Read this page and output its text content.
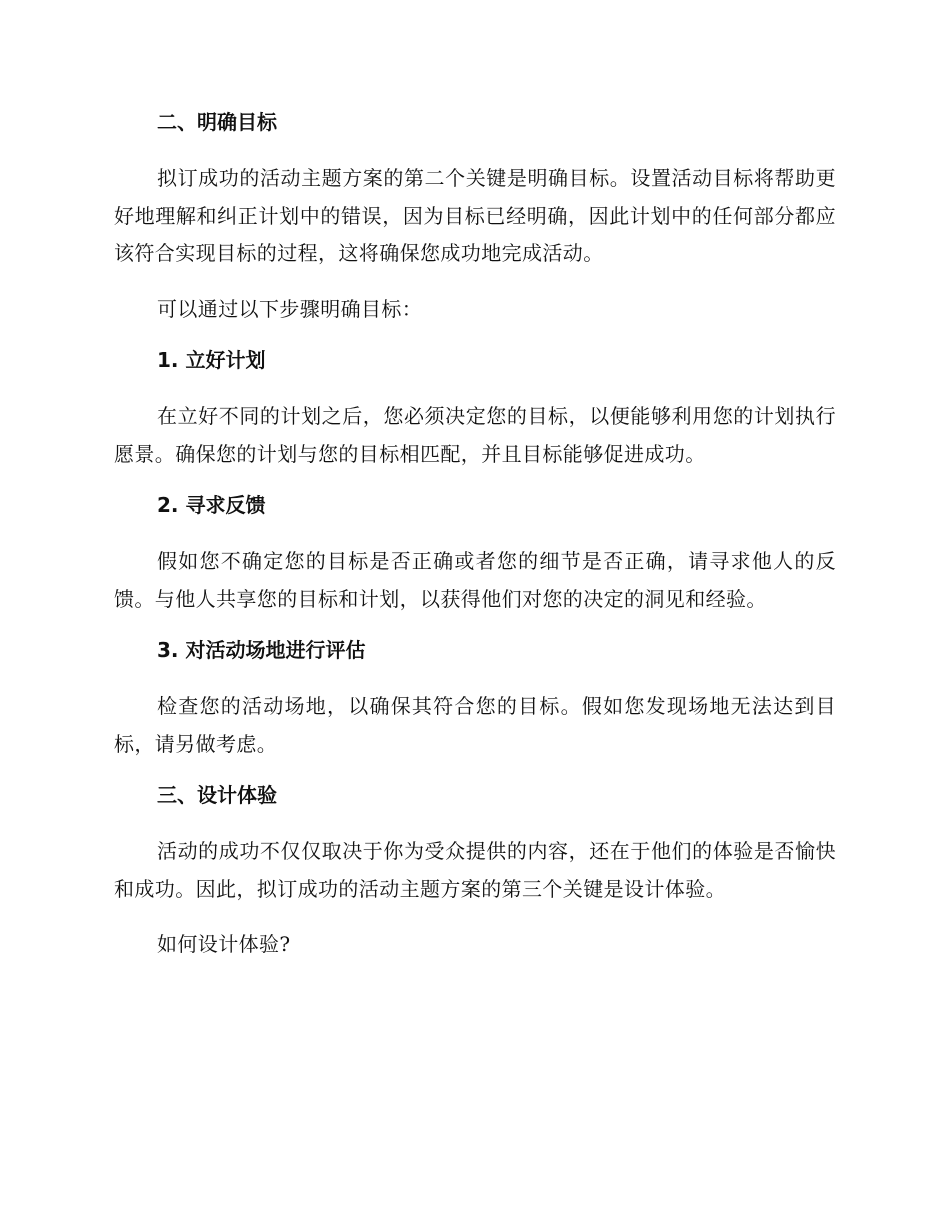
二、明确目标

拟订成功的活动主题方案的第二个关键是明确目标。设置活动目标将帮助更好地理解和纠正计划中的错误，因为目标已经明确，因此计划中的任何部分都应该符合实现目标的过程，这将确保您成功地完成活动。

可以通过以下步骤明确目标：

1. 立好计划

在立好不同的计划之后，您必须决定您的目标，以便能够利用您的计划执行愿景。确保您的计划与您的目标相匹配，并且目标能够促进成功。

2. 寻求反馈

假如您不确定您的目标是否正确或者您的细节是否正确，请寻求他人的反馈。与他人共享您的目标和计划，以获得他们对您的决定的洞见和经验。

3. 对活动场地进行评估

检查您的活动场地，以确保其符合您的目标。假如您发现场地无法达到目标，请另做考虑。

三、设计体验

活动的成功不仅仅取决于你为受众提供的内容，还在于他们的体验是否愉快和成功。因此，拟订成功的活动主题方案的第三个关键是设计体验。

如何设计体验?
